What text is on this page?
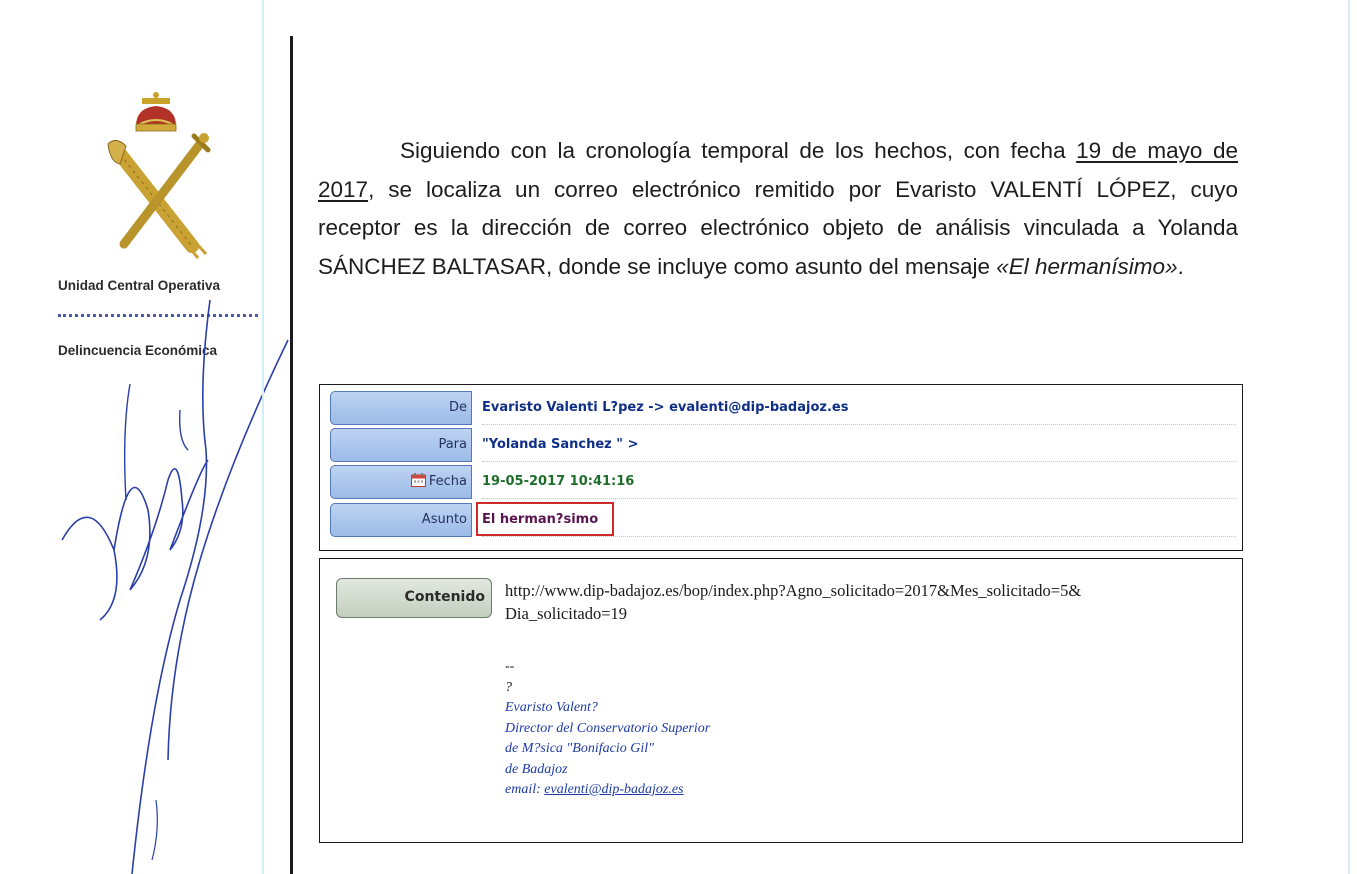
Unidad Central Operativa
Delincuencia Económica

Siguiendo con la cronología temporal de los hechos, con fecha 19 de mayo de 2017, se localiza un correo electrónico remitido por Evaristo VALENTÍ LÓPEZ, cuyo receptor es la dirección de correo electrónico objeto de análisis vinculada a Yolanda SÁNCHEZ BALTASAR, donde se incluye como asunto del mensaje «El hermanísimo».

De	Evaristo Valenti L?pez -> evalenti@dip-badajoz.es
Para	"Yolanda Sanchez " >
Fecha	19-05-2017 10:41:16
Asunto	El herman?simo
Contenido	http://www.dip-badajoz.es/bop/index.php?Agno_solicitado=2017&Mes_solicitado=5&

Dia_solicitado=19

--

?

Evaristo Valent?

Director del Conservatorio Superior

de M?sica "Bonifacio Gil"

de Badajoz

email: evalenti@dip-badajoz.es
